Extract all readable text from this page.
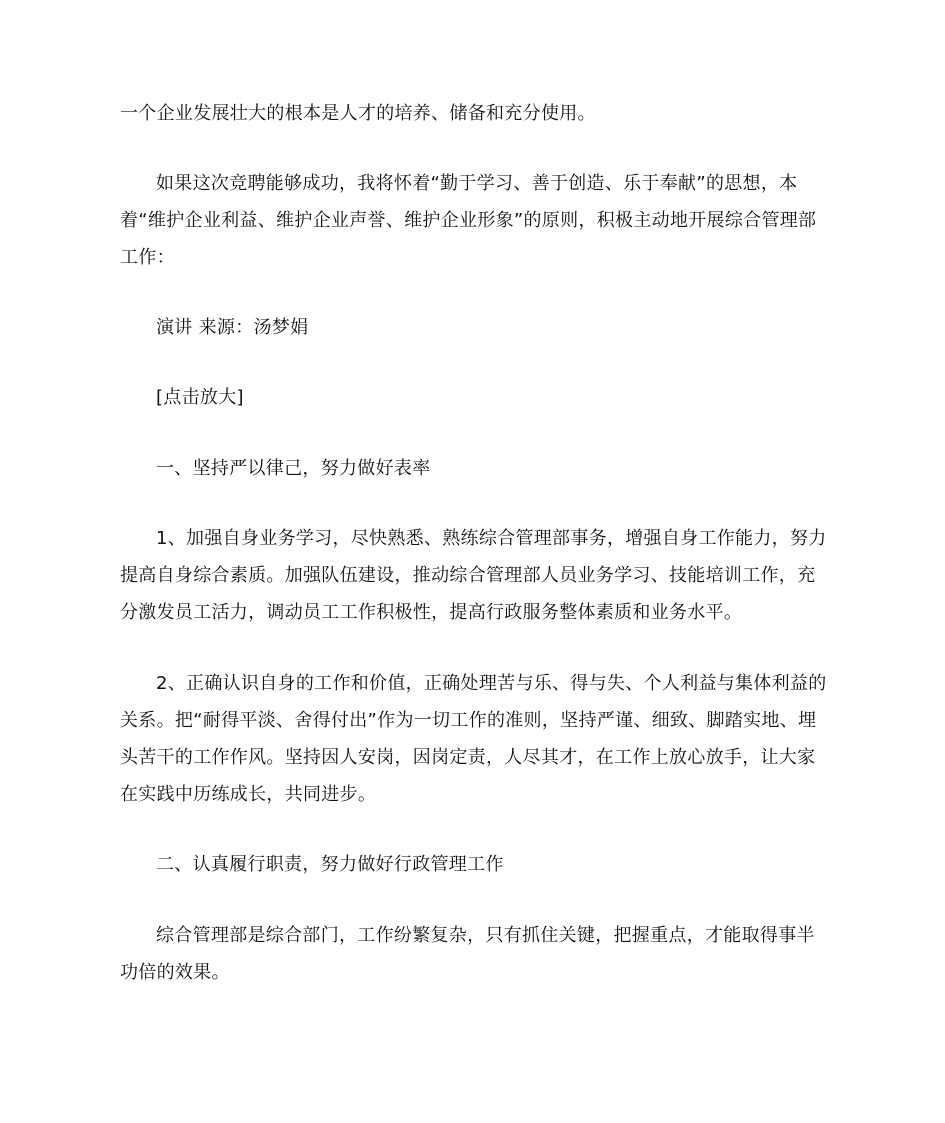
一个企业发展壮大的根本是人才的培养、储备和充分使用。

如果这次竞聘能够成功，我将怀着“勤于学习、善于创造、乐于奉献”的思想，本着“维护企业利益、维护企业声誉、维护企业形象”的原则，积极主动地开展综合管理部工作：

演讲 来源：汤梦娟

[点击放大]

一、坚持严以律己，努力做好表率

1、加强自身业务学习，尽快熟悉、熟练综合管理部事务，增强自身工作能力，努力提高自身综合素质。加强队伍建设，推动综合管理部人员业务学习、技能培训工作，充分激发员工活力，调动员工工作积极性，提高行政服务整体素质和业务水平。

2、正确认识自身的工作和价值，正确处理苦与乐、得与失、个人利益与集体利益的关系。把“耐得平淡、舍得付出”作为一切工作的准则，坚持严谨、细致、脚踏实地、埋头苦干的工作作风。坚持因人安岗，因岗定责，人尽其才，在工作上放心放手，让大家在实践中历练成长，共同进步。

二、认真履行职责，努力做好行政管理工作

综合管理部是综合部门，工作纷繁复杂，只有抓住关键，把握重点，才能取得事半功倍的效果。
